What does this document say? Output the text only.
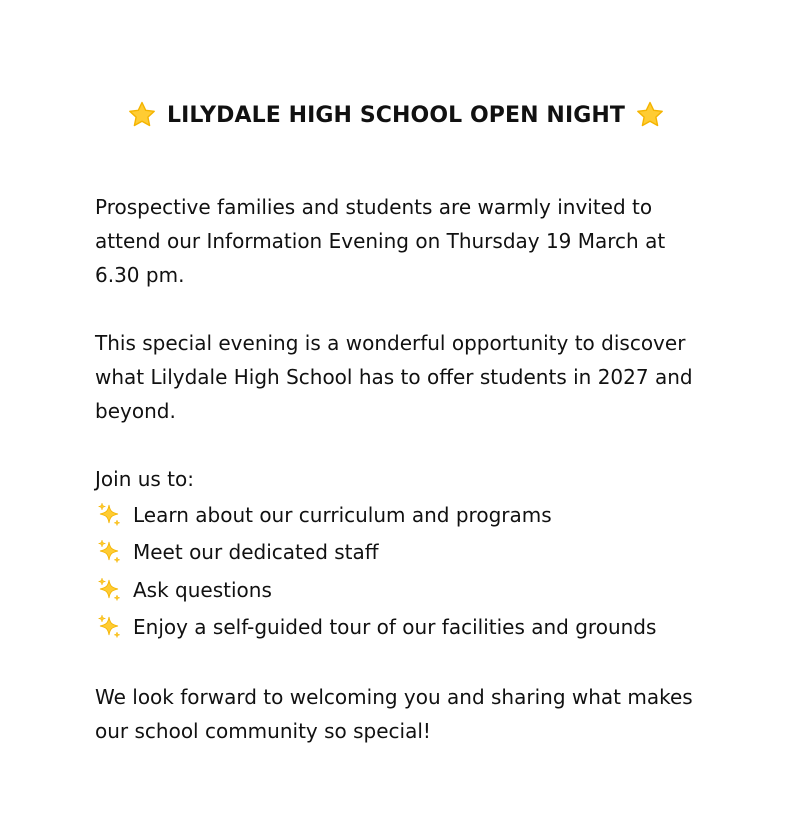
LILYDALE HIGH SCHOOL OPEN NIGHT

Prospective families and students are warmly invited to attend our Information Evening on Thursday 19 March at 6.30 pm.

This special evening is a wonderful opportunity to discover what Lilydale High School has to offer students in 2027 and beyond.

Join us to:

Learn about our curriculum and programs
Meet our dedicated staff
Ask questions
Enjoy a self-guided tour of our facilities and grounds

We look forward to welcoming you and sharing what makes our school community so special!
